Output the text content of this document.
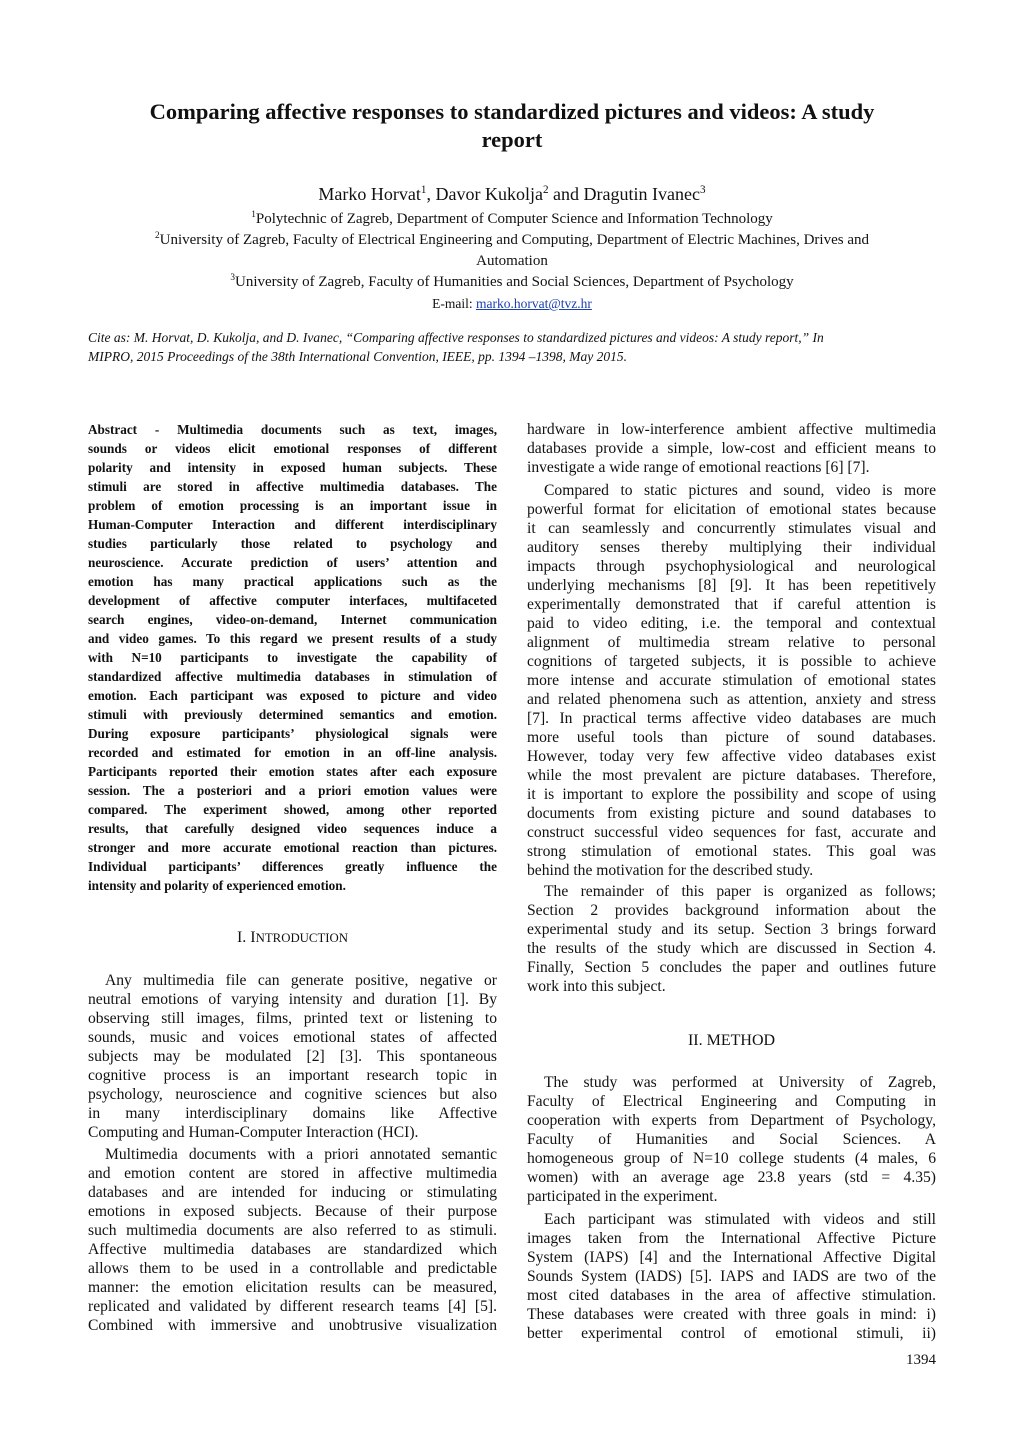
Comparing affective responses to standardized pictures and videos: A study
report
Marko Horvat$^1$, Davor Kukolja$^2$ and Dragutin Ivanec$^3$
$^1$Polytechnic of Zagreb, Department of Computer Science and Information Technology
$^2$University of Zagreb, Faculty of Electrical Engineering and Computing, Department of Electric Machines, Drives and
Automation
$^3$University of Zagreb, Faculty of Humanities and Social Sciences, Department of Psychology
E-mail: marko.horvat@tvz.hr
Cite as: M. Horvat, D. Kukolja, and D. Ivanec, “Comparing affective responses to standardized pictures and videos: A study report,” In
MIPRO, 2015 Proceedings of the 38th International Convention, IEEE, pp. 1394 –1398, May 2015.
Abstract - Multimedia documents such as text, images,
sounds or videos elicit emotional responses of different
polarity and intensity in exposed human subjects. These
stimuli are stored in affective multimedia databases. The
problem of emotion processing is an important issue in
Human-Computer Interaction and different interdisciplinary
studies particularly those related to psychology and
neuroscience. Accurate prediction of users’ attention and
emotion has many practical applications such as the
development of affective computer interfaces, multifaceted
search engines, video-on-demand, Internet communication
and video games. To this regard we present results of a study
with N=10 participants to investigate the capability of
standardized affective multimedia databases in stimulation of
emotion. Each participant was exposed to picture and video
stimuli with previously determined semantics and emotion.
During exposure participants’ physiological signals were
recorded and estimated for emotion in an off-line analysis.
Participants reported their emotion states after each exposure
session. The a posteriori and a priori emotion values were
compared. The experiment showed, among other reported
results, that carefully designed video sequences induce a
stronger and more accurate emotional reaction than pictures.
Individual participants’ differences greatly influence the
intensity and polarity of experienced emotion.
I. INTRODUCTION
Any multimedia file can generate positive, negative or
neutral emotions of varying intensity and duration [1]. By
observing still images, films, printed text or listening to
sounds, music and voices emotional states of affected
subjects may be modulated [2] [3]. This spontaneous
cognitive process is an important research topic in
psychology, neuroscience and cognitive sciences but also
in many interdisciplinary domains like Affective
Computing and Human-Computer Interaction (HCI).
Multimedia documents with a priori annotated semantic
and emotion content are stored in affective multimedia
databases and are intended for inducing or stimulating
emotions in exposed subjects. Because of their purpose
such multimedia documents are also referred to as stimuli.
Affective multimedia databases are standardized which
allows them to be used in a controllable and predictable
manner: the emotion elicitation results can be measured,
replicated and validated by different research teams [4] [5].
Combined with immersive and unobtrusive visualization
hardware in low-interference ambient affective multimedia
databases provide a simple, low-cost and efficient means to
investigate a wide range of emotional reactions [6] [7].
Compared to static pictures and sound, video is more
powerful format for elicitation of emotional states because
it can seamlessly and concurrently stimulates visual and
auditory senses thereby multiplying their individual
impacts through psychophysiological and neurological
underlying mechanisms [8] [9]. It has been repetitively
experimentally demonstrated that if careful attention is
paid to video editing, i.e. the temporal and contextual
alignment of multimedia stream relative to personal
cognitions of targeted subjects, it is possible to achieve
more intense and accurate stimulation of emotional states
and related phenomena such as attention, anxiety and stress
[7]. In practical terms affective video databases are much
more useful tools than picture of sound databases.
However, today very few affective video databases exist
while the most prevalent are picture databases. Therefore,
it is important to explore the possibility and scope of using
documents from existing picture and sound databases to
construct successful video sequences for fast, accurate and
strong stimulation of emotional states. This goal was
behind the motivation for the described study.
The remainder of this paper is organized as follows;
Section 2 provides background information about the
experimental study and its setup. Section 3 brings forward
the results of the study which are discussed in Section 4.
Finally, Section 5 concludes the paper and outlines future
work into this subject.
II. METHOD
The study was performed at University of Zagreb,
Faculty of Electrical Engineering and Computing in
cooperation with experts from Department of Psychology,
Faculty of Humanities and Social Sciences. A
homogeneous group of N=10 college students (4 males, 6
women) with an average age 23.8 years (std = 4.35)
participated in the experiment.
Each participant was stimulated with videos and still
images taken from the International Affective Picture
System (IAPS) [4] and the International Affective Digital
Sounds System (IADS) [5]. IAPS and IADS are two of the
most cited databases in the area of affective stimulation.
These databases were created with three goals in mind: i)
better experimental control of emotional stimuli, ii)
1394
